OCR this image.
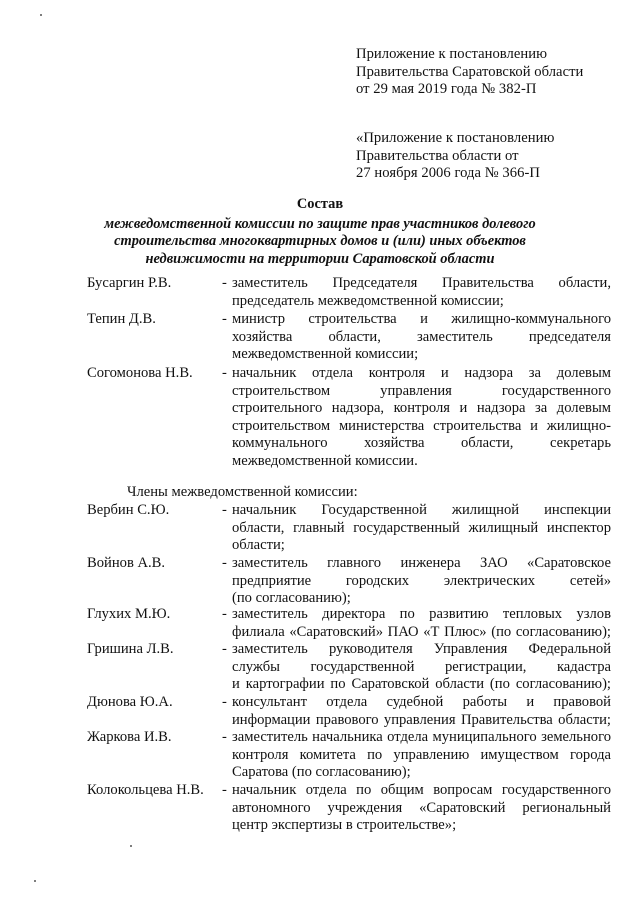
Приложение к постановлению
Правительства Саратовской области
от 29 мая 2019 года № 382-П
«Приложение к постановлению
Правительства области от
27 ноября 2006 года № 366-П
Состав
межведомственной комиссии по защите прав участников долевого
строительства многоквартирных домов и (или) иных объектов
недвижимости на территории Саратовской области
Бусаргин Р.В.	- заместитель Председателя Правительства области,
председатель межведомственной комиссии;
Тепин Д.В.	- министр строительства и жилищно-коммунального
хозяйства области, заместитель председателя
межведомственной комиссии;
Согомонова Н.В. - начальник отдела контроля и надзора за долевым
строительством управления государственного
строительного надзора, контроля и надзора за долевым
строительством министерства строительства и жилищно-
коммунального хозяйства области, секретарь
межведомственной комиссии.
Члены межведомственной комиссии:
Вербин С.Ю.	- начальник Государственной жилищной инспекции
области, главный государственный жилищный инспектор
области;
Войнов А.В.	- заместитель главного инженера ЗАО «Саратовское
предприятие городских электрических сетей»
(по согласованию);
Глухих М.Ю.	- заместитель директора по развитию тепловых узлов
филиала «Саратовский» ПАО «Т Плюс» (по согласованию);
Гришина Л.В.	- заместитель руководителя Управления Федеральной
службы государственной регистрации, кадастра
и картографии по Саратовской области (по согласованию);
Дюнова Ю.А.	- консультант отдела судебной работы и правовой
информации правового управления Правительства области;
Жаркова И.В.	- заместитель начальника отдела муниципального земельного
контроля комитета по управлению имуществом города
Саратова (по согласованию);
Колокольцева Н.В. - начальник отдела по общим вопросам государственного
автономного учреждения «Саратовский региональный
центр экспертизы в строительстве»;
